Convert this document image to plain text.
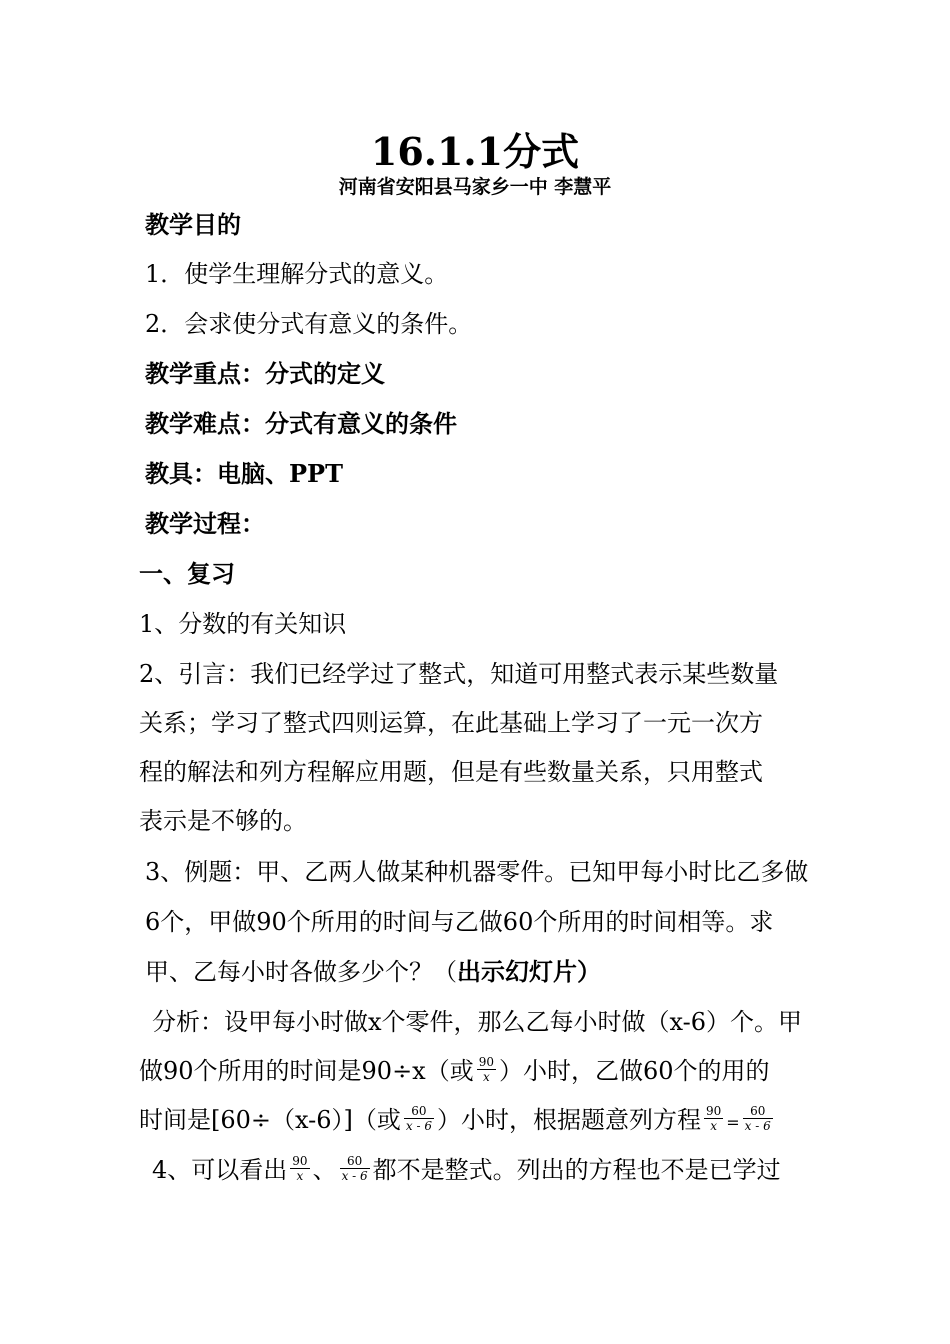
16.1.1分式
河南省安阳县马家乡一中 李慧平
教学目的
1．使学生理解分式的意义。
2．会求使分式有意义的条件。
教学重点：分式的定义
教学难点：分式有意义的条件
教具：电脑、PPT
教学过程：
一、复习
1、分数的有关知识
2、引言：我们已经学过了整式，知道可用整式表示某些数量
关系；学习了整式四则运算，在此基础上学习了一元一次方
程的解法和列方程解应用题，但是有些数量关系，只用整式
表示是不够的。
3、例题：甲、乙两人做某种机器零件。已知甲每小时比乙多做
6个，甲做90个所用的时间与乙做60个所用的时间相等。求
甲、乙每小时各做多少个？（出示幻灯片）
分析：设甲每小时做x个零件，那么乙每小时做（x-6）个。甲
做90个所用的时间是90÷x（或 $\frac{90}{x}$ ）小时，乙做60个的用的
时间是[60÷（x-6）]（或 $\frac{60}{x - 6}$ ）小时，根据题意列方程 $\frac{90}{x} = \frac{60}{x - 6}$
4、可以看出 $\frac{90}{x}$ 、 $\frac{60}{x - 6}$ 都不是整式。列出的方程也不是已学过
